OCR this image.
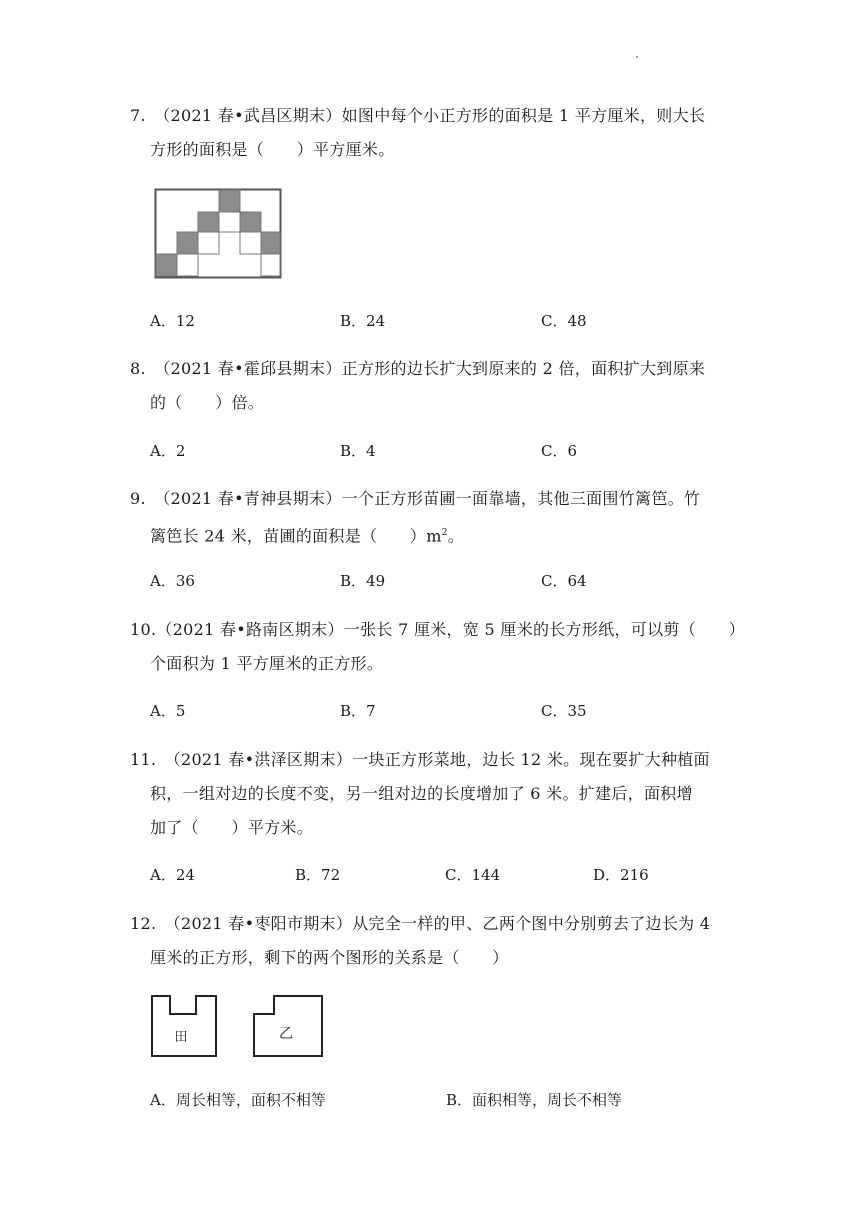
7.　 （2021 春•武昌区期末）如图中每个小正方形的面积是 1 平方厘米，则大长
方形的面积是（　　）平方厘米。
A．12	B．24	C．48
8.　 （2021 春•霍邱县期末）正方形的边长扩大到原来的 2 倍，面积扩大到原来
的（　　）倍。
A．2	B．4	C．6
9.　 （2021 春•青神县期末）一个正方形苗圃一面靠墙，其他三面围竹篱笆。竹
篱笆长 24 米，苗圃的面积是（　　）$m^2$。
A．36	B．49	C．64
10.（2021 春•路南区期末）一张长 7 厘米，宽 5 厘米的长方形纸，可以剪（　　）
个面积为 1 平方厘米的正方形。
A．5	B．7	C．35
11.　 （2021 春•洪泽区期末）一块正方形菜地，边长 12 米。现在要扩大种植面
积，一组对边的长度不变，另一组对边的长度增加了 6 米。扩建后，面积增
加了（　　）平方米。
A．24	B．72	C．144	D．216
12.　 （2021 春•枣阳市期末）从完全一样的甲、乙两个图中分别剪去了边长为 4
厘米的正方形，剩下的两个图形的关系是（　　）
田	乙
A．周长相等，面积不相等	B．面积相等，周长不相等
